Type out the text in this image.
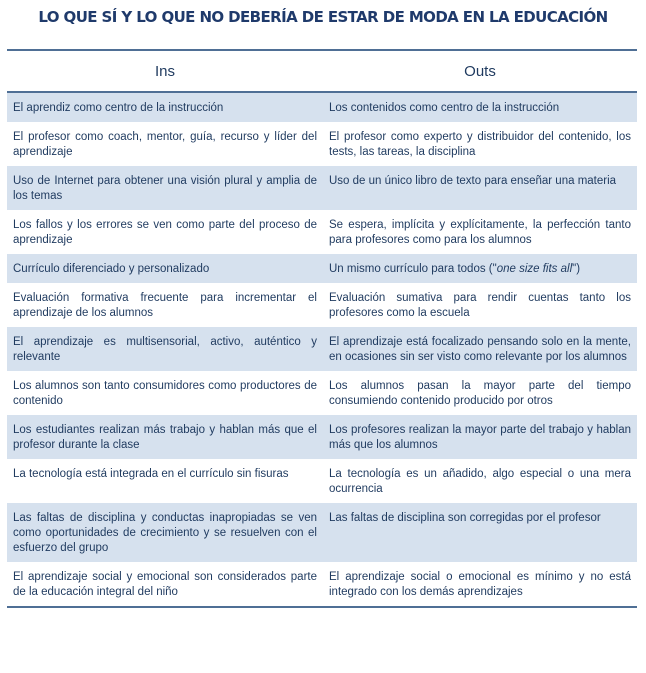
LO QUE SÍ Y LO QUE NO DEBERÍA DE ESTAR DE MODA EN LA EDUCACIÓN
Ins	Outs
El aprendiz como centro de la instrucción	Los contenidos como centro de la instrucción
El profesor como coach, mentor, guía, recurso y líder del aprendizaje	El profesor como experto y distribuidor del contenido, los tests, las tareas, la disciplina
Uso de Internet para obtener una visión plural y amplia de los temas	Uso de un único libro de texto para enseñar una materia
Los fallos y los errores se ven como parte del proceso de aprendizaje	Se espera, implícita y explícitamente, la perfección tanto para profesores como para los alumnos
Currículo diferenciado y personalizado	Un mismo currículo para todos ("one size fits all")
Evaluación formativa frecuente para incrementar el aprendizaje de los alumnos	Evaluación sumativa para rendir cuentas tanto los profesores como la escuela
El aprendizaje es multisensorial, activo, auténtico y relevante	El aprendizaje está focalizado pensando solo en la mente, en ocasiones sin ser visto como relevante por los alumnos
Los alumnos son tanto consumidores como productores de contenido	Los alumnos pasan la mayor parte del tiempo consumiendo contenido producido por otros
Los estudiantes realizan más trabajo y hablan más que el profesor durante la clase	Los profesores realizan la mayor parte del trabajo y hablan más que los alumnos
La tecnología está integrada en el currículo sin fisuras	La tecnología es un añadido, algo especial o una mera ocurrencia
Las faltas de disciplina y conductas inapropiadas se ven como oportunidades de crecimiento y se resuelven con el esfuerzo del grupo	Las faltas de disciplina son corregidas por el profesor
El aprendizaje social y emocional son considerados parte de la educación integral del niño	El aprendizaje social o emocional es mínimo y no está integrado con los demás aprendizajes
